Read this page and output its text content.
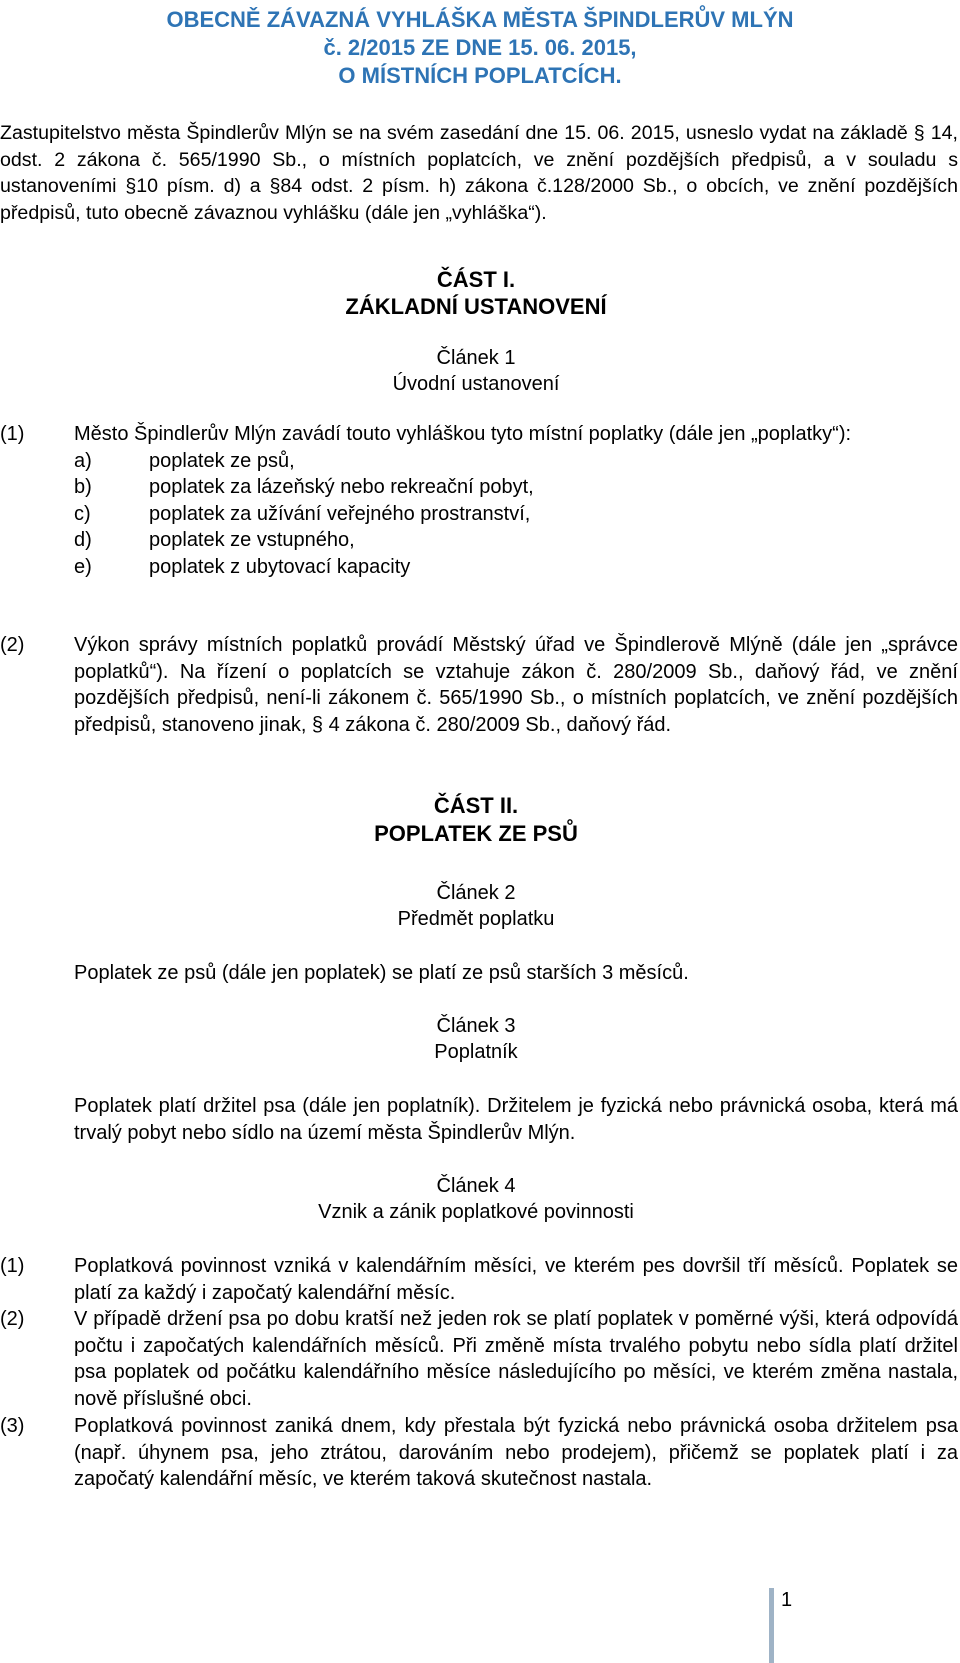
OBECNĚ ZÁVAZNÁ VYHLÁŠKA MĚSTA ŠPINDLERŮV MLÝN
č. 2/2015 ZE DNE 15. 06. 2015,
O MÍSTNÍCH POPLATCÍCH.
Zastupitelstvo města Špindlerův Mlýn se na svém zasedání dne 15. 06. 2015, usneslo vydat na základě § 14, odst. 2 zákona č. 565/1990 Sb., o místních poplatcích, ve znění pozdějších předpisů, a v souladu s ustanoveními §10 písm. d) a §84 odst. 2 písm. h) zákona č.128/2000 Sb., o obcích, ve znění pozdějších předpisů, tuto obecně závaznou vyhlášku (dále jen „vyhláška“).
ČÁST I.
ZÁKLADNÍ USTANOVENÍ
Článek 1
Úvodní ustanovení
(1) Město Špindlerův Mlýn zavádí touto vyhláškou tyto místní poplatky (dále jen „poplatky“):
a)	poplatek ze psů,
b)	poplatek za lázeňský nebo rekreační pobyt,
c)	poplatek za užívání veřejného prostranství,
d)	poplatek ze vstupného,
e)	poplatek z ubytovací kapacity
(2) Výkon správy místních poplatků provádí Městský úřad ve Špindlerově Mlýně (dále jen „správce poplatků“). Na řízení o poplatcích se vztahuje zákon č. 280/2009 Sb., daňový řád, ve znění pozdějších předpisů, není-li zákonem č. 565/1990 Sb., o místních poplatcích, ve znění pozdějších předpisů, stanoveno jinak, § 4 zákona č. 280/2009 Sb., daňový řád.
ČÁST II.
POPLATEK ZE PSŮ
Článek 2
Předmět poplatku
Poplatek ze psů (dále jen poplatek) se platí ze psů starších 3 měsíců.
Článek 3
Poplatník
Poplatek platí držitel psa (dále jen poplatník). Držitelem je fyzická nebo právnická osoba, která má trvalý pobyt nebo sídlo na území města Špindlerův Mlýn.
Článek 4
Vznik a zánik poplatkové povinnosti
(1) Poplatková povinnost vzniká v kalendářním měsíci, ve kterém pes dovršil tří měsíců. Poplatek se platí za každý i započatý kalendářní měsíc.
(2) V případě držení psa po dobu kratší než jeden rok se platí poplatek v poměrné výši, která odpovídá počtu i započatých kalendářních měsíců. Při změně místa trvalého pobytu nebo sídla platí držitel psa poplatek od počátku kalendářního měsíce následujícího po měsíci, ve kterém změna nastala, nově příslušné obci.
(3) Poplatková povinnost zaniká dnem, kdy přestala být fyzická nebo právnická osoba držitelem psa (např. úhynem psa, jeho ztrátou, darováním nebo prodejem), přičemž se poplatek platí i za započatý kalendářní měsíc, ve kterém taková skutečnost nastala.
1
